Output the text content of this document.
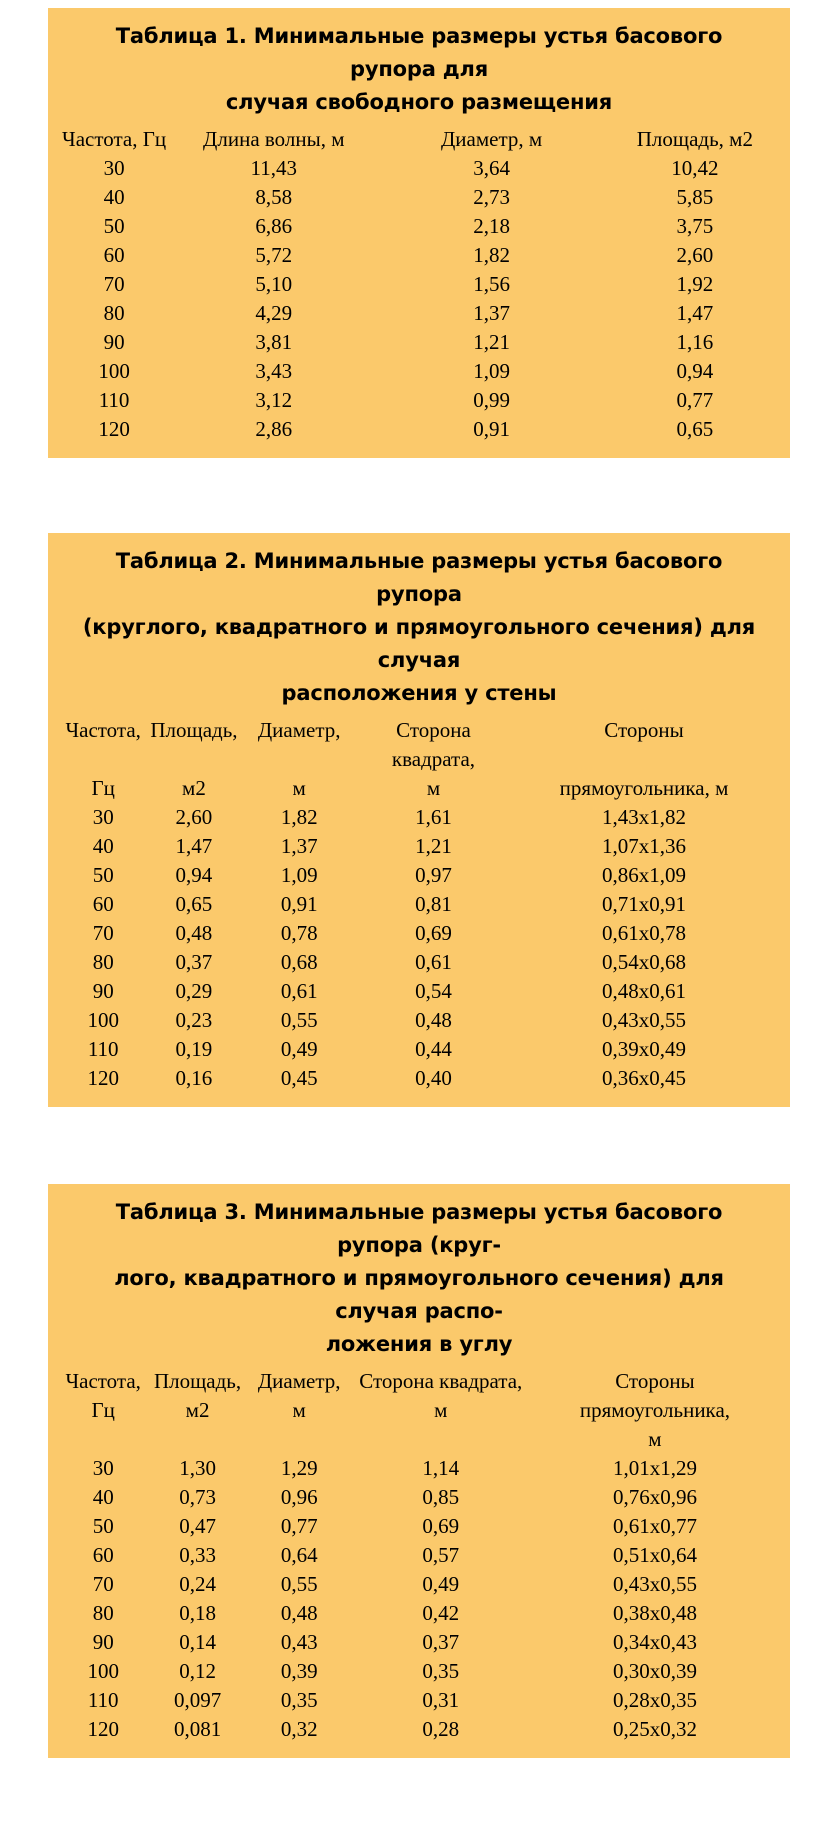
Таблица 1. Минимальные размеры устья басового
рупора для
случая свободного размещения
Частота, Гц	Длина волны, м	Диаметр, м	Площадь, м2

30	11,43	3,64	10,42
40	8,58	2,73	5,85
50	6,86	2,18	3,75
60	5,72	1,82	2,60
70	5,10	1,56	1,92
80	4,29	1,37	1,47
90	3,81	1,21	1,16
100	3,43	1,09	0,94
110	3,12	0,99	0,77
120	2,86	0,91	0,65
Таблица 2. Минимальные размеры устья басового
рупора
(круглого, квадратного и прямоугольного сечения) для
случая
расположения у стены
Частота,
Гц

Площадь,
м2

Диаметр,
м

Сторона
квадрата,
м

Стороны
прямоугольника, м

30	2,60	1,82	1,61	1,43х1,82
40	1,47	1,37	1,21	1,07х1,36
50	0,94	1,09	0,97	0,86х1,09
60	0,65	0,91	0,81	0,71х0,91
70	0,48	0,78	0,69	0,61х0,78
80	0,37	0,68	0,61	0,54х0,68
90	0,29	0,61	0,54	0,48х0,61
100	0,23	0,55	0,48	0,43х0,55
110	0,19	0,49	0,44	0,39х0,49
120	0,16	0,45	0,40	0,36х0,45
Таблица 3. Минимальные размеры устья басового
рупора (круг-
лого, квадратного и прямоугольного сечения) для
случая распо-
ложения в углу
Частота,
Гц

Площадь,
м2

Диаметр,
м

Сторона квадрата,
м

Стороны
прямоугольника,
м

30	1,30	1,29	1,14	1,01х1,29
40	0,73	0,96	0,85	0,76х0,96
50	0,47	0,77	0,69	0,61х0,77
60	0,33	0,64	0,57	0,51х0,64
70	0,24	0,55	0,49	0,43х0,55
80	0,18	0,48	0,42	0,38х0,48
90	0,14	0,43	0,37	0,34х0,43
100	0,12	0,39	0,35	0,30х0,39
110	0,097	0,35	0,31	0,28х0,35
120	0,081	0,32	0,28	0,25х0,32
